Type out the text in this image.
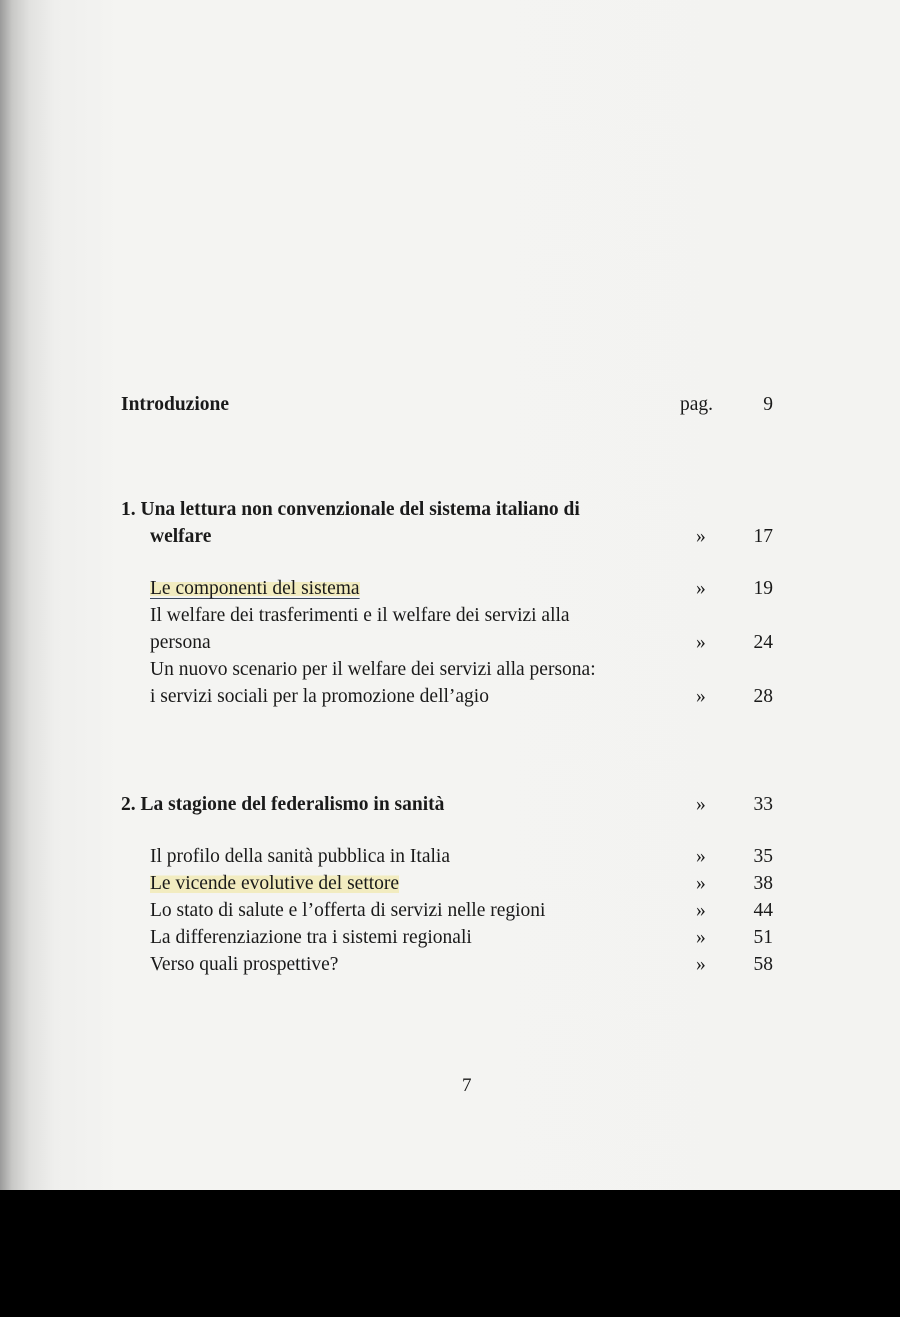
Introduzione	pag.	9
1. Una lettura non convenzionale del sistema italiano di
welfare	» 17
Le componenti del sistema	» 19
Il welfare dei trasferimenti e il welfare dei servizi alla
persona	» 24
Un nuovo scenario per il welfare dei servizi alla persona:
i servizi sociali per la promozione dell’agio	» 28
2. La stagione del federalismo in sanità	» 33
Il profilo della sanità pubblica in Italia	» 35
Le vicende evolutive del settore	» 38
Lo stato di salute e l’offerta di servizi nelle regioni	» 44
La differenziazione tra i sistemi regionali	» 51
Verso quali prospettive?	» 58
7
